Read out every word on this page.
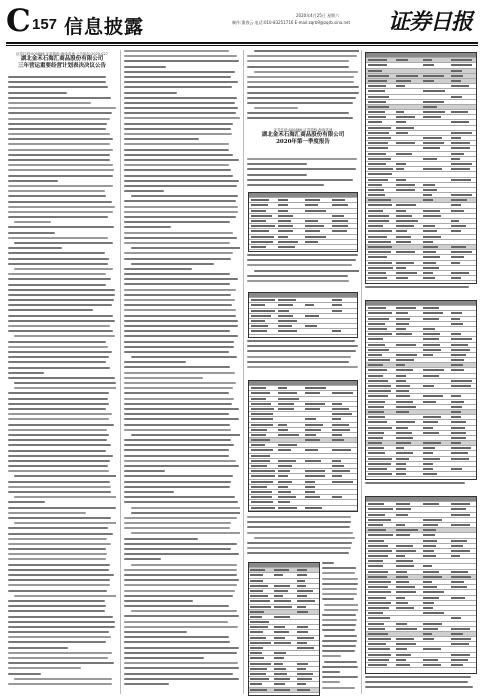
C 157 信息披露
2020年4月25日 星期六
制作:董春云 电话:010-83251716 E-mail:zqrb9@zqrb.sina.net 证券日报
证券代码:000886 证券简称:海南高速 公告编号:2020-027
湖北金禾石海汇商品股份有限公司
三年营运重要经营计划表决决议公告
证券代码:000886 证券简称:海南高速
湖北金禾石海汇商品股份有限公司
2020年第一季度报告
